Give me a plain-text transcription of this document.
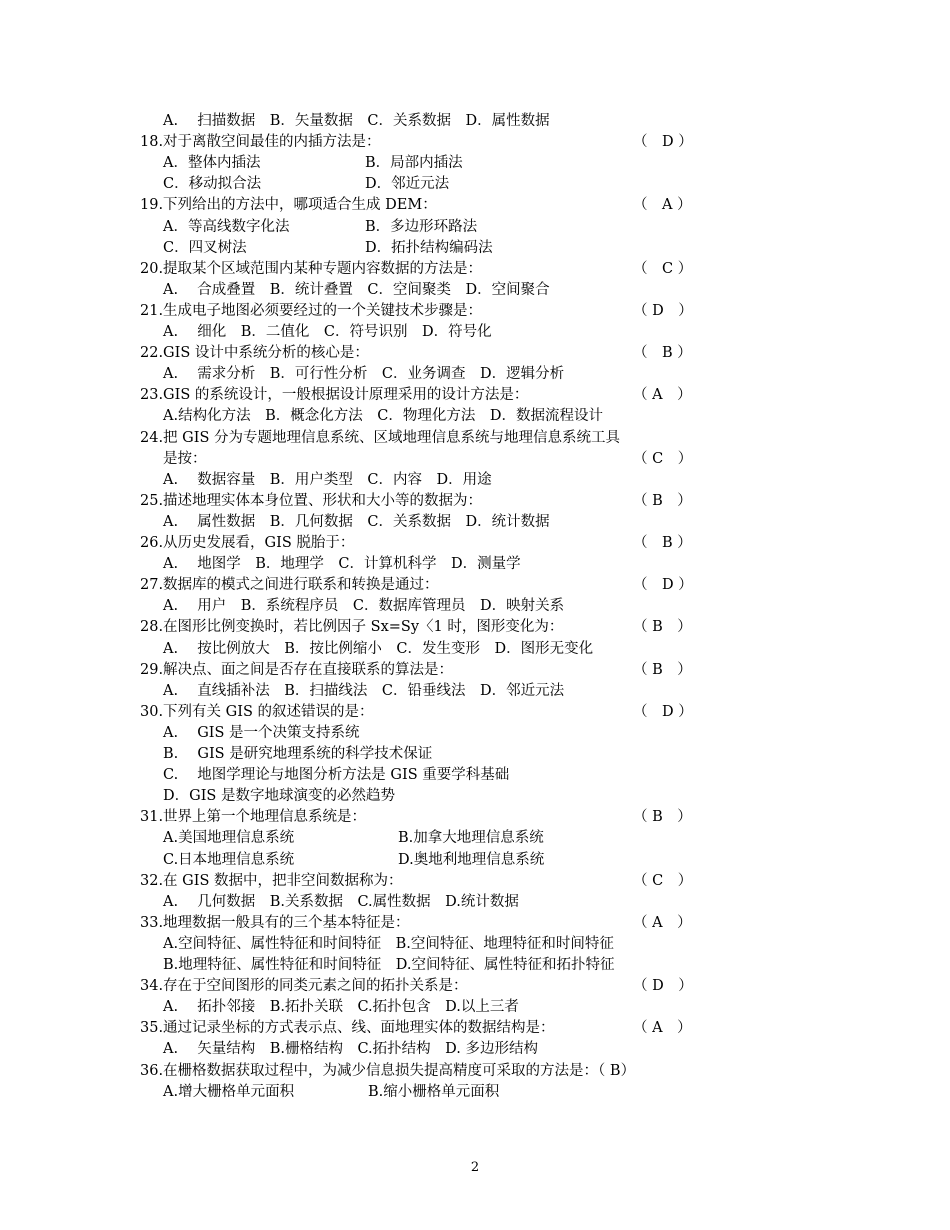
A.　 扫描数据　B．矢量数据　C．关系数据　D．属性数据
18.对于离散空间最佳的内插方法是：	（　D ）
A．整体内插法	B．局部内插法
C．移动拟合法	D．邻近元法
19.下列给出的方法中，哪项适合生成 DEM：	（　A ）
A．等高线数字化法	B．多边形环路法
C．四叉树法	D．拓扑结构编码法
20.提取某个区域范围内某种专题内容数据的方法是：	（　C ）
A.　 合成叠置　B．统计叠置　C．空间聚类　D．空间聚合
21.生成电子地图必须要经过的一个关键技术步骤是：	（ D　）
A.　 细化　B．二值化　C．符号识别　D．符号化
22.GIS 设计中系统分析的核心是：	（　B ）
A.　 需求分析　B．可行性分析　C．业务调查　D．逻辑分析
23.GIS 的系统设计，一般根据设计原理采用的设计方法是：	（ A　）
A.结构化方法　B．概念化方法　C．物理化方法　D．数据流程设计
24.把 GIS 分为专题地理信息系统、区域地理信息系统与地理信息系统工具
是按：	（ C　）
A.　 数据容量　B．用户类型　C．内容　D．用途
25.描述地理实体本身位置、形状和大小等的数据为：	（ B　）
A.　 属性数据　B．几何数据　C．关系数据　D．统计数据
26.从历史发展看，GIS 脱胎于：	（　B ）
A.　 地图学　B．地理学　C．计算机科学　D．测量学
27.数据库的模式之间进行联系和转换是通过：	（　D ）
A.　 用户　B．系统程序员　C．数据库管理员　D．映射关系
28.在图形比例变换时，若比例因子 Sx=Sy〈1 时，图形变化为：	（ B　）
A.　 按比例放大　B．按比例缩小　C．发生变形　D．图形无变化
29.解决点、面之间是否存在直接联系的算法是：	（ B　）
A.　 直线插补法　B．扫描线法　C．铅垂线法　D．邻近元法
30.下列有关 GIS 的叙述错误的是：	（　D ）
A.　 GIS 是一个决策支持系统
B.　 GIS 是研究地理系统的科学技术保证
C.　 地图学理论与地图分析方法是 GIS 重要学科基础
D．GIS 是数字地球演变的必然趋势
31.世界上第一个地理信息系统是：	（ B　）
A.美国地理信息系统	B.加拿大地理信息系统
C.日本地理信息系统	D.奥地利地理信息系统
32.在 GIS 数据中，把非空间数据称为：	（ C　）
A.　 几何数据　B.关系数据　C.属性数据　D.统计数据
33.地理数据一般具有的三个基本特征是：	（ A　）
A.空间特征、属性特征和时间特征　B.空间特征、地理特征和时间特征
B.地理特征、属性特征和时间特征　D.空间特征、属性特征和拓扑特征
34.存在于空间图形的同类元素之间的拓扑关系是：	（ D　）
A.　 拓扑邻接　B.拓扑关联　C.拓扑包含　D.以上三者
35.通过记录坐标的方式表示点、线、面地理实体的数据结构是：	（ A　）
A.　 矢量结构　B.栅格结构　C.拓扑结构　D. 多边形结构
36.在栅格数据获取过程中，为减少信息损失提高精度可采取的方法是：（ B）
A.增大栅格单元面积	B.缩小栅格单元面积
2
